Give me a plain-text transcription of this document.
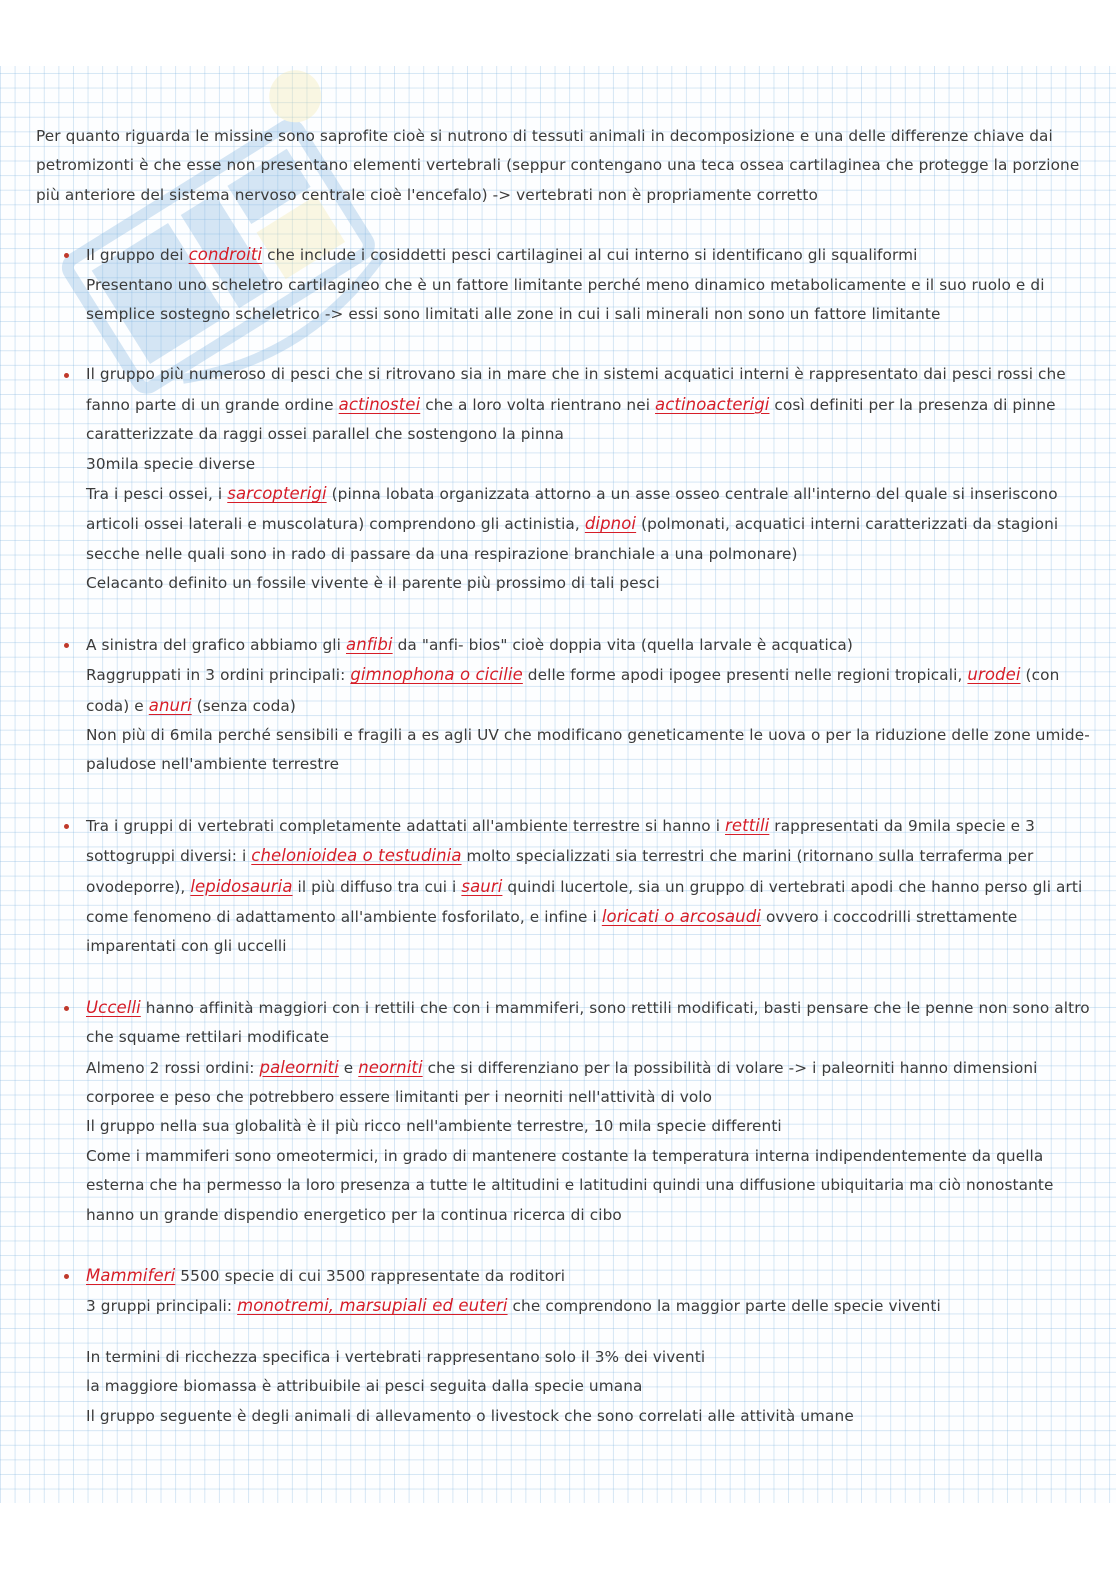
Per quanto riguarda le missine sono saprofite cioè si nutrono di tessuti animali in decomposizione e una delle differenze chiave dai petromizonti è che esse non presentano elementi vertebrali (seppur contengano una teca ossea cartilaginea che protegge la porzione più anteriore del sistema nervoso centrale cioè l'encefalo) -> vertebrati non è propriamente corretto

Il gruppo dei condroiti che include i cosiddetti pesci cartilaginei al cui interno si identificano gli squaliformi
Presentano uno scheletro cartilagineo che è un fattore limitante perché meno dinamico metabolicamente e il suo ruolo e di semplice sostegno scheletrico -> essi sono limitati alle zone in cui i sali minerali non sono un fattore limitante
Il gruppo più numeroso di pesci che si ritrovano sia in mare che in sistemi acquatici interni è rappresentato dai pesci rossi che fanno parte di un grande ordine actinostei che a loro volta rientrano nei actinoacterigi così definiti per la presenza di pinne caratterizzate da raggi ossei parallel che sostengono la pinna
30mila specie diverse
Tra i pesci ossei, i sarcopterigi (pinna lobata organizzata attorno a un asse osseo centrale all'interno del quale si inseriscono articoli ossei laterali e muscolatura) comprendono gli actinistia, dipnoi (polmonati, acquatici interni caratterizzati da stagioni secche nelle quali sono in rado di passare da una respirazione branchiale a una polmonare)
Celacanto definito un fossile vivente è il parente più prossimo di tali pesci
A sinistra del grafico abbiamo gli anfibi da "anfi- bios" cioè doppia vita (quella larvale è acquatica)
Raggruppati in 3 ordini principali: gimnophona o cicilie delle forme apodi ipogee presenti nelle regioni tropicali, urodei (con coda) e anuri (senza coda)
Non più di 6mila perché sensibili e fragili a es agli UV che modificano geneticamente le uova o per la riduzione delle zone umide-paludose nell'ambiente terrestre
Tra i gruppi di vertebrati completamente adattati all'ambiente terrestre si hanno i rettili rappresentati da 9mila specie e 3 sottogruppi diversi: i chelonioidea o testudinia molto specializzati sia terrestri che marini (ritornano sulla terraferma per ovodeporre), lepidosauria il più diffuso tra cui i sauri quindi lucertole, sia un gruppo di vertebrati apodi che hanno perso gli arti come fenomeno di adattamento all'ambiente fosforilato, e infine i loricati o arcosaudi ovvero i coccodrilli strettamente imparentati con gli uccelli
Uccelli hanno affinità maggiori con i rettili che con i mammiferi, sono rettili modificati, basti pensare che le penne non sono altro che squame rettilari modificate
Almeno 2 rossi ordini: paleorniti e neorniti che si differenziano per la possibilità di volare -> i paleorniti hanno dimensioni corporee e peso che potrebbero essere limitanti per i neorniti nell'attività di volo
Il gruppo nella sua globalità è il più ricco nell'ambiente terrestre, 10 mila specie differenti
Come i mammiferi sono omeotermici, in grado di mantenere costante la temperatura interna indipendentemente da quella esterna che ha permesso la loro presenza a tutte le altitudini e latitudini quindi una diffusione ubiquitaria ma ciò nonostante hanno un grande dispendio energetico per la continua ricerca di cibo
Mammiferi 5500 specie di cui 3500 rappresentate da roditori
3 gruppi principali: monotremi, marsupiali ed euteri che comprendono la maggior parte delle specie viventi
In termini di ricchezza specifica i vertebrati rappresentano solo il 3% dei viventi
la maggiore biomassa è attribuibile ai pesci seguita dalla specie umana
Il gruppo seguente è degli animali di allevamento o livestock che sono correlati alle attività umane
